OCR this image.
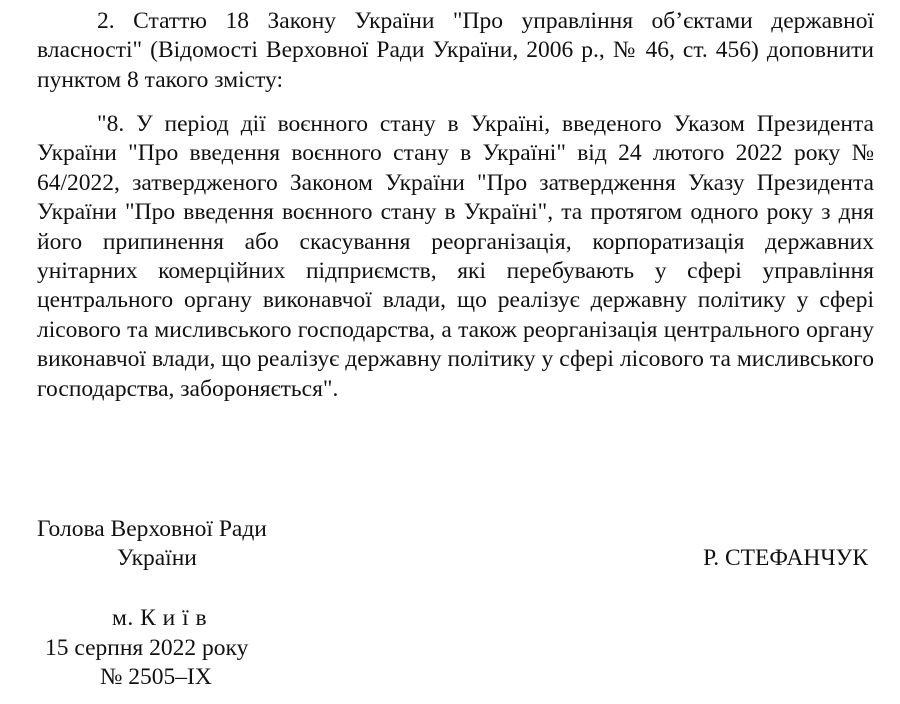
2. Статтю 18 Закону України "Про управління об’єктами державної власності" (Відомості Верховної Ради України, 2006 р., № 46, ст. 456) доповнити пунктом 8 такого змісту:

"8. У період дії воєнного стану в Україні, введеного Указом Президента України "Про введення воєнного стану в Україні" від 24 лютого 2022 року № 64/2022, затвердженого Законом України "Про затвердження Указу Президента України "Про введення воєнного стану в Україні", та протягом одного року з дня його припинення або скасування реорганізація, корпоратизація державних унітарних комерційних підприємств, які перебувають у сфері управління центрального органу виконавчої влади, що реалізує державну політику у сфері лісового та мисливського господарства, а також реорганізація центрального органу виконавчої влади, що реалізує державну політику у сфері лісового та мисливського господарства, забороняється".

Голова Верховної Ради
України	Р. СТЕФАНЧУК

м. К и ї в
15 серпня 2022 року
№ 2505–IX
